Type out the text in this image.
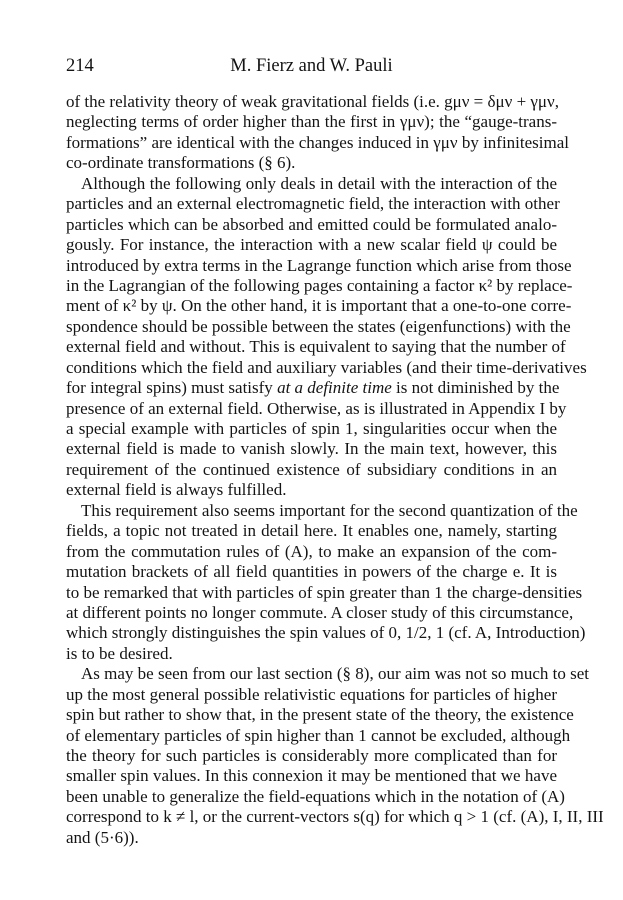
214	M. Fierz and W. Pauli
of the relativity theory of weak gravitational fields (i.e. gμν = δμν + γμν,
neglecting terms of order higher than the first in γμν); the “gauge-trans-
formations” are identical with the changes induced in γμν by infinitesimal
co-ordinate transformations (§ 6).
Although the following only deals in detail with the interaction of the
particles and an external electromagnetic field, the interaction with other
particles which can be absorbed and emitted could be formulated analo-
gously. For instance, the interaction with a new scalar field ψ could be
introduced by extra terms in the Lagrange function which arise from those
in the Lagrangian of the following pages containing a factor κ² by replace-
ment of κ² by ψ. On the other hand, it is important that a one-to-one corre-
spondence should be possible between the states (eigenfunctions) with the
external field and without. This is equivalent to saying that the number of
conditions which the field and auxiliary variables (and their time-derivatives
for integral spins) must satisfy at a definite time is not diminished by the
presence of an external field. Otherwise, as is illustrated in Appendix I by
a special example with particles of spin 1, singularities occur when the
external field is made to vanish slowly. In the main text, however, this
requirement of the continued existence of subsidiary conditions in an
external field is always fulfilled.
This requirement also seems important for the second quantization of the
fields, a topic not treated in detail here. It enables one, namely, starting
from the commutation rules of (A), to make an expansion of the com-
mutation brackets of all field quantities in powers of the charge e. It is
to be remarked that with particles of spin greater than 1 the charge-densities
at different points no longer commute. A closer study of this circumstance,
which strongly distinguishes the spin values of 0, 1/2, 1 (cf. A, Introduction)
is to be desired.
As may be seen from our last section (§ 8), our aim was not so much to set
up the most general possible relativistic equations for particles of higher
spin but rather to show that, in the present state of the theory, the existence
of elementary particles of spin higher than 1 cannot be excluded, although
the theory for such particles is considerably more complicated than for
smaller spin values. In this connexion it may be mentioned that we have
been unable to generalize the field-equations which in the notation of (A)
correspond to k ≠ l, or the current-vectors s(q) for which q > 1 (cf. (A), I, II, III
and (5·6)).
